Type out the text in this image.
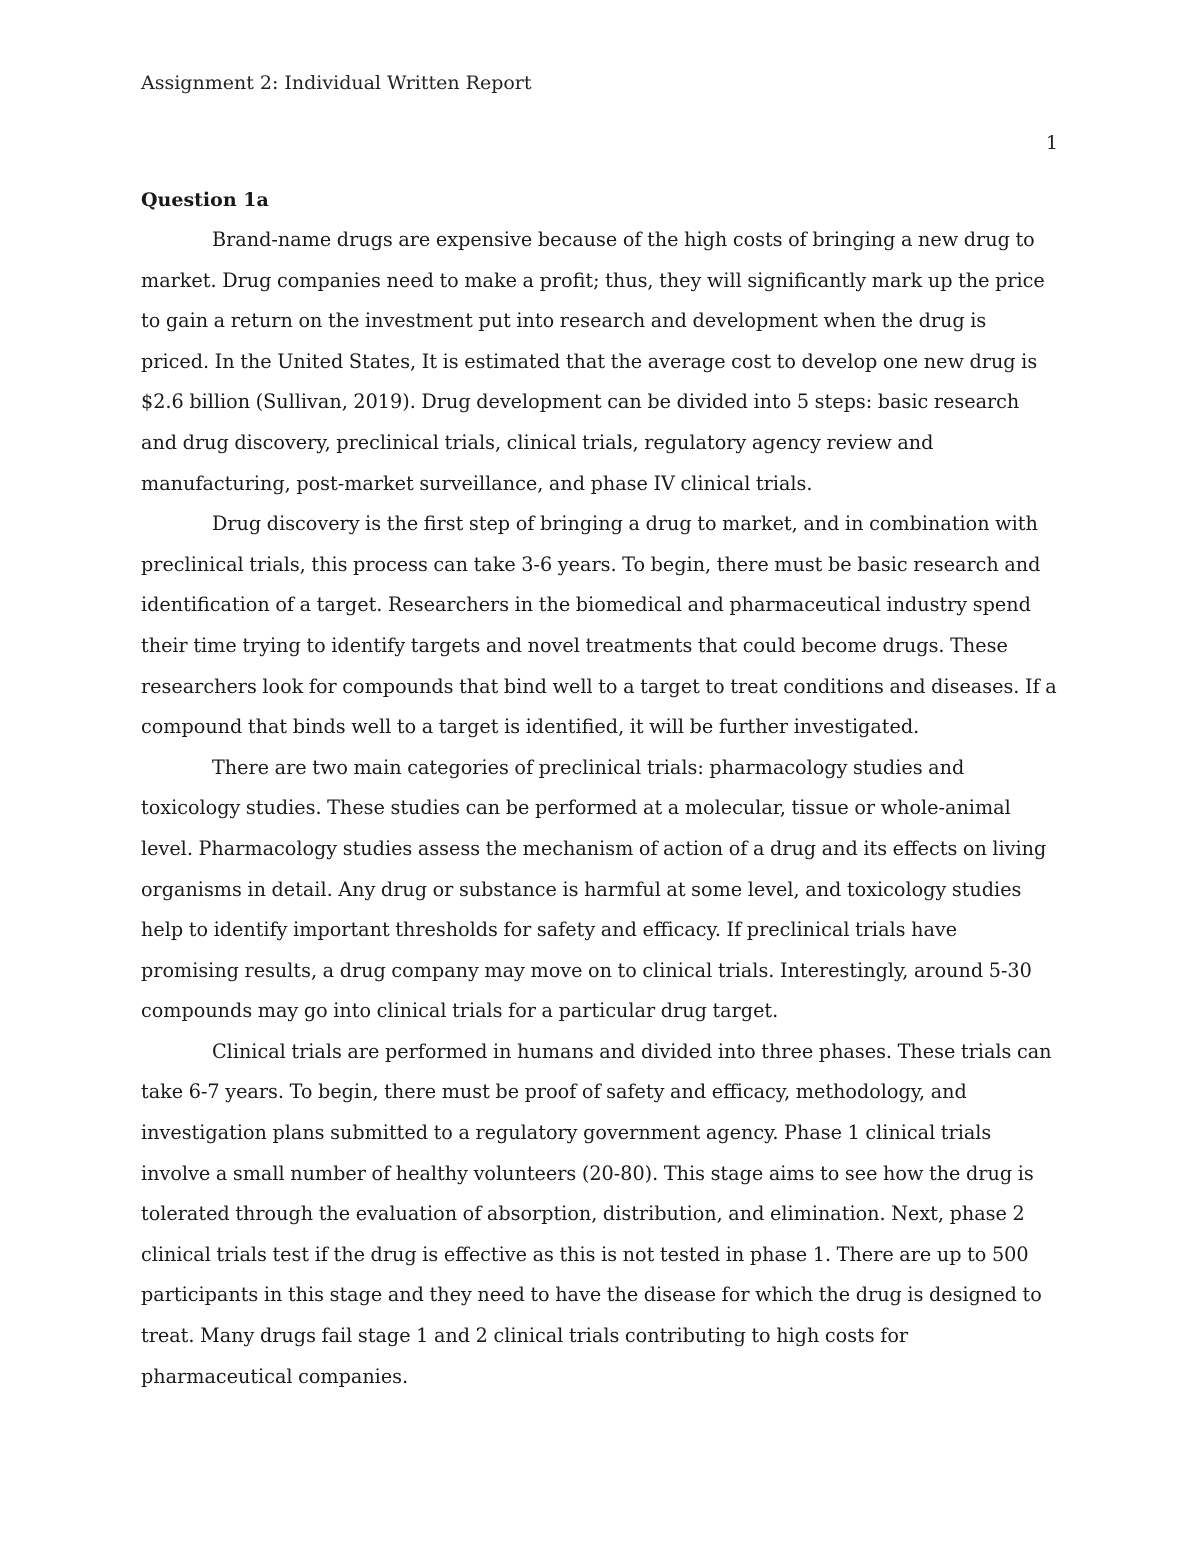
Assignment 2: Individual Written Report
1
Question 1a

Brand-name drugs are expensive because of the high costs of bringing a new drug to market. Drug companies need to make a profit; thus, they will significantly mark up the price to gain a return on the investment put into research and development when the drug is priced. In the United States, It is estimated that the average cost to develop one new drug is $2.6 billion (Sullivan, 2019). Drug development can be divided into 5 steps: basic research and drug discovery, preclinical trials, clinical trials, regulatory agency review and manufacturing, post-market surveillance, and phase IV clinical trials.

Drug discovery is the first step of bringing a drug to market, and in combination with preclinical trials, this process can take 3-6 years. To begin, there must be basic research and identification of a target. Researchers in the biomedical and pharmaceutical industry spend their time trying to identify targets and novel treatments that could become drugs. These researchers look for compounds that bind well to a target to treat conditions and diseases. If a compound that binds well to a target is identified, it will be further investigated.

There are two main categories of preclinical trials: pharmacology studies and toxicology studies. These studies can be performed at a molecular, tissue or whole-animal level. Pharmacology studies assess the mechanism of action of a drug and its effects on living organisms in detail. Any drug or substance is harmful at some level, and toxicology studies help to identify important thresholds for safety and efficacy. If preclinical trials have promising results, a drug company may move on to clinical trials. Interestingly, around 5-30 compounds may go into clinical trials for a particular drug target.

Clinical trials are performed in humans and divided into three phases. These trials can take 6-7 years. To begin, there must be proof of safety and efficacy, methodology, and investigation plans submitted to a regulatory government agency. Phase 1 clinical trials involve a small number of healthy volunteers (20-80). This stage aims to see how the drug is tolerated through the evaluation of absorption, distribution, and elimination. Next, phase 2 clinical trials test if the drug is effective as this is not tested in phase 1. There are up to 500 participants in this stage and they need to have the disease for which the drug is designed to treat. Many drugs fail stage 1 and 2 clinical trials contributing to high costs for pharmaceutical companies.
